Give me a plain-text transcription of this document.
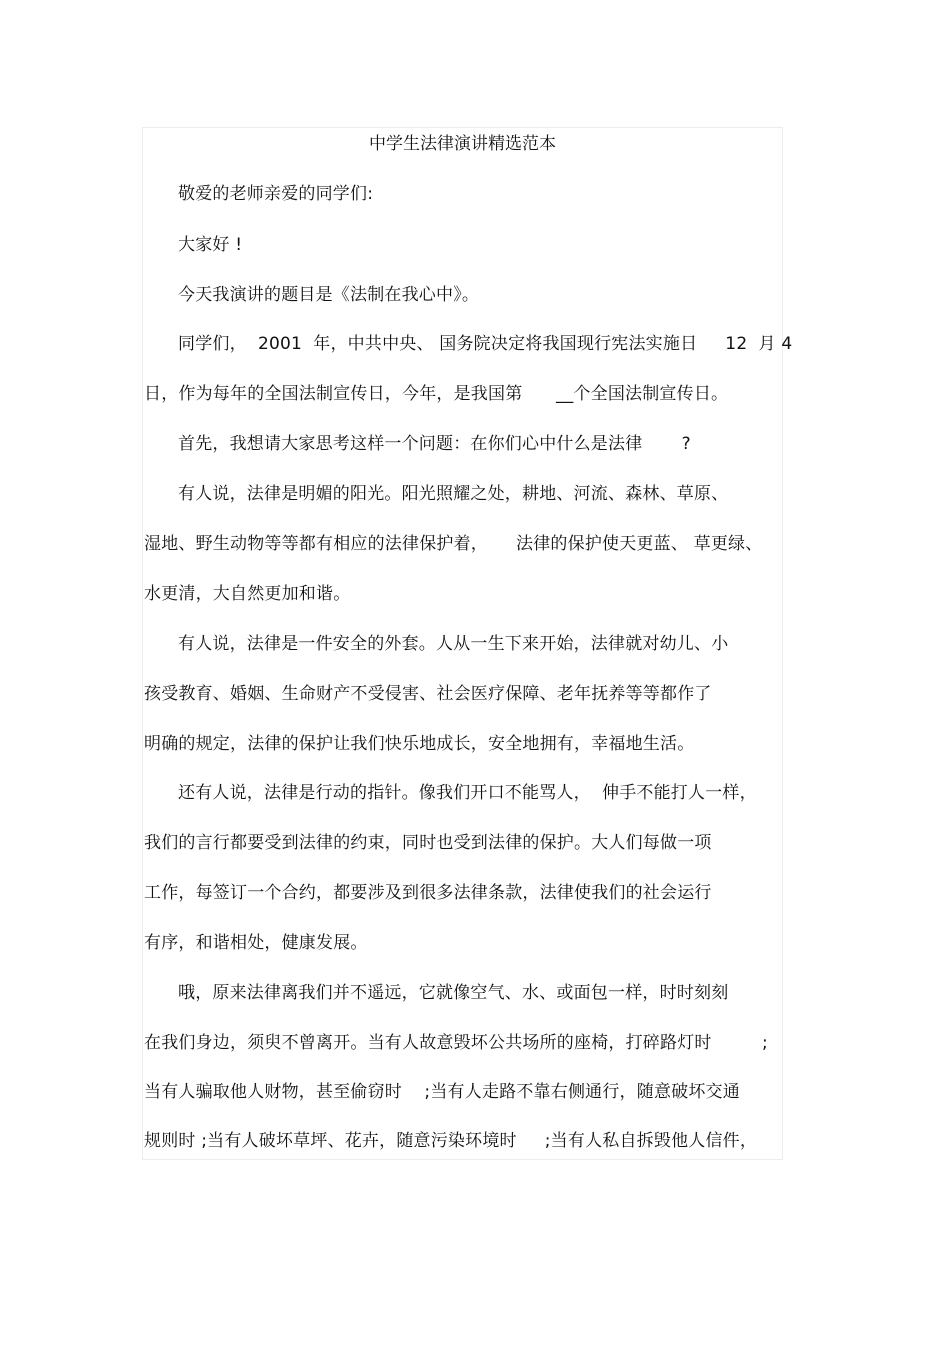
中学生法律演讲精选范本
敬爱的老师亲爱的同学们:
大家好 !
今天我演讲的题目是《法制在我心中》。
同学们，  2001  年，中共中央、 国务院决定将我国现行宪法实施日     12  月 4
日，作为每年的全国法制宣传日，今年，是我国第      __个全国法制宣传日。
首先，我想请大家思考这样一个问题：在你们心中什么是法律       ?
有人说，法律是明媚的阳光。阳光照耀之处，耕地、河流、森林、草原、
湿地、野生动物等等都有相应的法律保护着，     法律的保护使天更蓝、 草更绿、
水更清，大自然更加和谐。
有人说，法律是一件安全的外套。人从一生下来开始，法律就对幼儿、小
孩受教育、婚姻、生命财产不受侵害、社会医疗保障、老年抚养等等都作了
明确的规定，法律的保护让我们快乐地成长，安全地拥有，幸福地生活。
还有人说，法律是行动的指针。像我们开口不能骂人，  伸手不能打人一样，
我们的言行都要受到法律的约束，同时也受到法律的保护。大人们每做一项
工作，每签订一个合约，都要涉及到很多法律条款，法律使我们的社会运行
有序，和谐相处，健康发展。
哦，原来法律离我们并不遥远，它就像空气、水、或面包一样，时时刻刻
在我们身边，须臾不曾离开。当有人故意毁坏公共场所的座椅，打碎路灯时         ;
当有人骗取他人财物，甚至偷窃时    ;当有人走路不靠右侧通行，随意破坏交通
规则时 ;当有人破坏草坪、花卉，随意污染环境时     ;当有人私自拆毁他人信件，
